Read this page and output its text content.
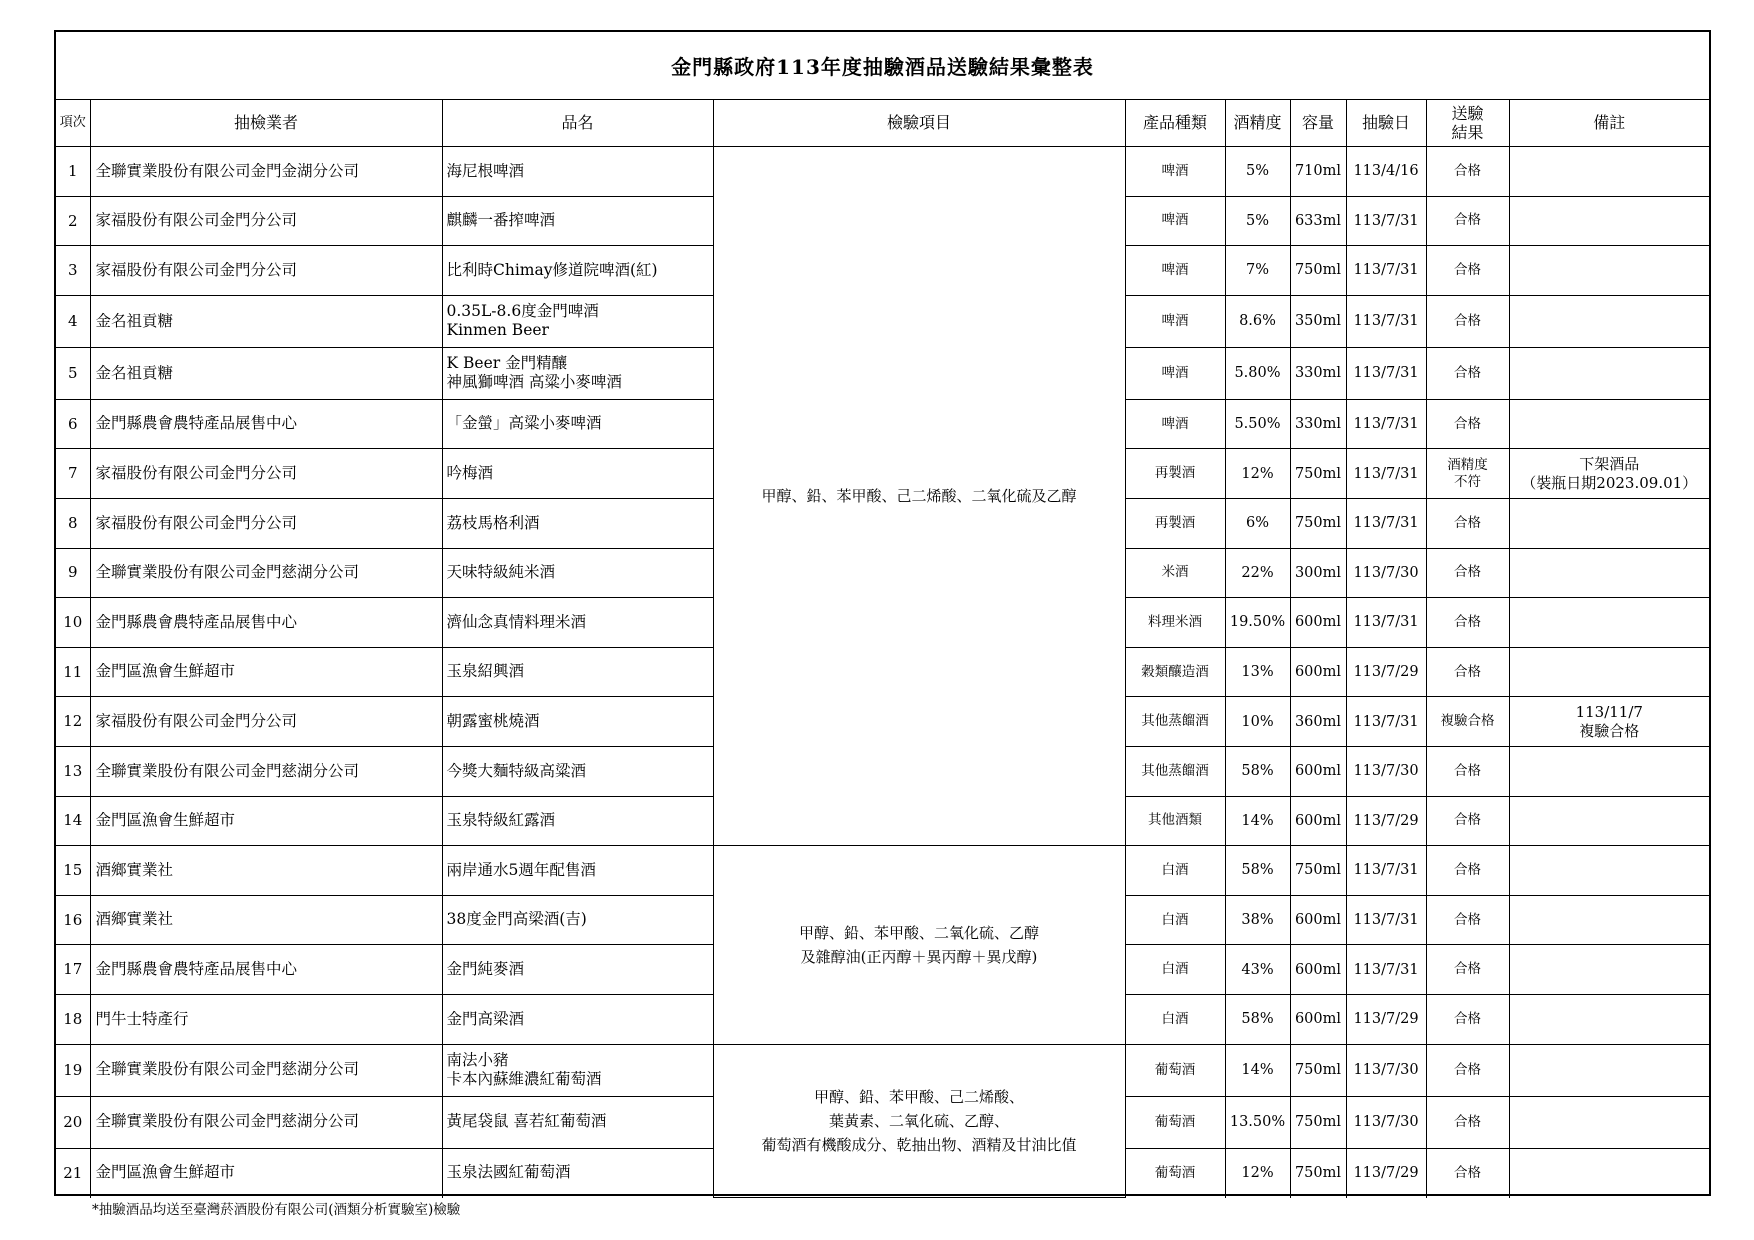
金門縣政府113年度抽驗酒品送驗結果彙整表
項次	抽檢業者	品名	檢驗項目	產品種類	酒精度	容量	抽驗日	送驗
結果	備註
1	全聯實業股份有限公司金門金湖分公司	海尼根啤酒	甲醇、鉛、苯甲酸、己二烯酸、二氧化硫及乙醇	啤酒	5%	710ml	113/4/16	合格	
2	家福股份有限公司金門分公司	麒麟一番搾啤酒		啤酒	5%	633ml	113/7/31	合格	
3	家福股份有限公司金門分公司	比利時Chimay修道院啤酒(紅)		啤酒	7%	750ml	113/7/31	合格	
4	金名祖貢糖	0.35L-8.6度金門啤酒
Kinmen Beer		啤酒	8.6%	350ml	113/7/31	合格	
5	金名祖貢糖	K Beer 金門精釀
神風獅啤酒 高粱小麥啤酒		啤酒	5.80%	330ml	113/7/31	合格	
6	金門縣農會農特產品展售中心	「金螢」高粱小麥啤酒		啤酒	5.50%	330ml	113/7/31	合格	
7	家福股份有限公司金門分公司	吟梅酒		再製酒	12%	750ml	113/7/31	酒精度
不符	下架酒品
（裝瓶日期2023.09.01）
8	家福股份有限公司金門分公司	荔枝馬格利酒		再製酒	6%	750ml	113/7/31	合格	
9	全聯實業股份有限公司金門慈湖分公司	天味特級純米酒		米酒	22%	300ml	113/7/30	合格	
10	金門縣農會農特產品展售中心	濟仙念真情料理米酒		料理米酒	19.50%	600ml	113/7/31	合格	
11	金門區漁會生鮮超市	玉泉紹興酒		穀類釀造酒	13%	600ml	113/7/29	合格	
12	家福股份有限公司金門分公司	朝露蜜桃燒酒		其他蒸餾酒	10%	360ml	113/7/31	複驗合格	113/11/7
複驗合格
13	全聯實業股份有限公司金門慈湖分公司	今獎大麵特級高粱酒		其他蒸餾酒	58%	600ml	113/7/30	合格	
14	金門區漁會生鮮超市	玉泉特級紅露酒		其他酒類	14%	600ml	113/7/29	合格	
15	酒鄉實業社	兩岸通水5週年配售酒	甲醇、鉛、苯甲酸、二氧化硫、乙醇
及雜醇油(正丙醇＋異丙醇＋異戊醇)	白酒	58%	750ml	113/7/31	合格	
16	酒鄉實業社	38度金門高梁酒(吉)		白酒	38%	600ml	113/7/31	合格	
17	金門縣農會農特產品展售中心	金門純麥酒		白酒	43%	600ml	113/7/31	合格	
18	門牛士特產行	金門高梁酒		白酒	58%	600ml	113/7/29	合格	
19	全聯實業股份有限公司金門慈湖分公司	南法小豬
卡本內蘇維濃紅葡萄酒	甲醇、鉛、苯甲酸、己二烯酸、
葉黃素、二氧化硫、乙醇、
葡萄酒有機酸成分、乾抽出物、酒精及甘油比值	葡萄酒	14%	750ml	113/7/30	合格	
20	全聯實業股份有限公司金門慈湖分公司	黃尾袋鼠 喜若紅葡萄酒		葡萄酒	13.50%	750ml	113/7/30	合格	
21	金門區漁會生鮮超市	玉泉法國紅葡萄酒		葡萄酒	12%	750ml	113/7/29	合格	
*抽驗酒品均送至臺灣菸酒股份有限公司(酒類分析實驗室)檢驗
